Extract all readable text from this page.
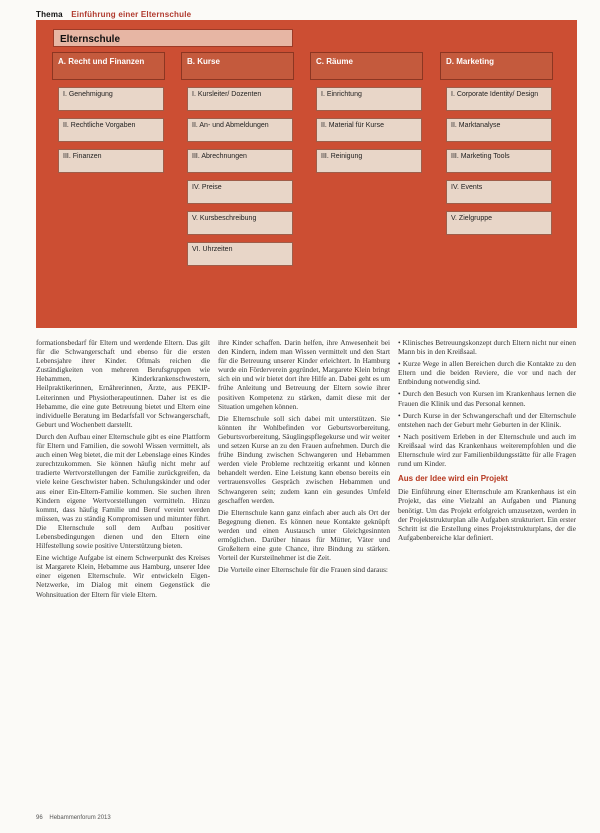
Thema Einführung einer Elternschule
Elternschule
A. Recht und Finanzen
I. Genehmigung
II. Rechtliche Vorgaben
III. Finanzen
B. Kurse
I. Kursleiter/ Dozenten
II. An- und Abmeldungen
III. Abrechnungen
IV. Preise
V. Kursbeschreibung
VI. Uhrzeiten
C. Räume
I. Einrichtung
II. Material für Kurse
III. Reinigung
D. Marketing
I. Corporate Identity/ Design
II. Marktanalyse
III. Marketing Tools
IV. Events
V. Zielgruppe

formationsbedarf für Eltern und werdende Eltern. Das gilt für die Schwangerschaft und ebenso für die ersten Lebensjahre ihrer Kinder. Oftmals reichen die Zuständigkeiten von mehreren Berufsgruppen wie Hebammen, Kinderkrankenschwestern, Heilpraktikerinnen, Ernährerinnen, Ärzte, aus PEKIP-Leiterinnen und Physiotherapeutinnen. Daher ist es die Hebamme, die eine gute Betreuung bietet und Eltern eine individuelle Beratung im Bedarfsfall vor Schwangerschaft, Geburt und Wochenbett darstellt.

Durch den Aufbau einer Elternschule gibt es eine Plattform für Eltern und Familien, die sowohl Wissen vermittelt, als auch einen Weg bietet, die mit der Lebenslage eines Kindes zurechtzukommen. Sie können häufig nicht mehr auf tradierte Wertvorstellungen der Familie zurückgreifen, da viele keine Geschwister haben. Schulungskinder und oder aus einer Ein-Eltern-Familie kommen. Sie suchen ihren Kindern eigene Wertvorstellungen vermitteln. Hinzu kommt, dass häufig Familie und Beruf vereint werden müssen, was zu ständig Kompromissen und mitunter führt. Die Elternschule soll dem Aufbau positiver Lebensbedingungen dienen und den Eltern eine Hilfestellung sowie positive Unterstützung bieten.

Eine wichtige Aufgabe ist einem Schwerpunkt des Kreises ist Margarete Klein, Hebamme aus Hamburg, unserer Idee einer eigenen Elternschule. Wir entwickeln Eigen-Netzwerke, im Dialog mit einem Gegenstück die Wohnsituation der Eltern für viele Eltern.

ihre Kinder schaffen. Darin helfen, ihre Anwesenheit bei den Kindern, indem man Wissen vermittelt und den Start für die Betreuung unserer Kinder erleichtert. In Hamburg wurde ein Förderverein gegründet, Margarete Klein bringt sich ein und wir bietet dort ihre Hilfe an. Dabei geht es um frühe Anleitung und Betreuung der Eltern sowie ihrer positiven Kompetenz zu stärken, damit diese mit der Situation umgehen können.

Die Elternschule soll sich dabei mit unterstützen. Sie könnten ihr Wohlbefinden vor Geburtsvorbereitung, Geburtsvorbereitung, Säuglingspflegekurse und wir weiter und setzen Kurse an zu den Frauen aufnehmen. Durch die frühe Bindung zwischen Schwangeren und Hebammen werden viele Probleme rechtzeitig erkannt und können behandelt werden. Eine Leistung kann ebenso bereits ein vertrauensvolles Gespräch zwischen Hebammen und Schwangeren sein; zudem kann ein gesundes Umfeld geschaffen werden.

Die Elternschule kann ganz einfach aber auch als Ort der Begegnung dienen. Es können neue Kontakte geknüpft werden und einen Austausch unter Gleichgesinnten ermöglichen. Darüber hinaus für Mütter, Väter und Großeltern eine gute Chance, ihre Bindung zu stärken. Vorteil der Kursteilnehmer ist die Zeit.

Die Vorteile einer Elternschule für die Frauen sind daraus:

• Klinisches Betreuungskonzept durch Eltern nicht nur einen Mann bis in den Kreißsaal.

• Kurze Wege in allen Bereichen durch die Kontakte zu den Eltern und die beiden Reviere, die vor und nach der Entbindung notwendig sind.

• Durch den Besuch von Kursen im Krankenhaus lernen die Frauen die Klinik und das Personal kennen.

• Durch Kurse in der Schwangerschaft und der Elternschule entstehen nach der Geburt mehr Geburten in der Klinik.

• Nach positivem Erleben in der Elternschule und auch im Kreißsaal wird das Krankenhaus weiterempfohlen und die Elternschule wird zur Familienbildungsstätte für alle Fragen rund um Kinder.

Aus der Idee wird ein Projekt

Die Einführung einer Elternschule am Krankenhaus ist ein Projekt, das eine Vielzahl an Aufgaben und Planung benötigt. Um das Projekt erfolgreich umzusetzen, werden in der Projektstrukturplan alle Aufgaben strukturiert. Ein erster Schritt ist die Erstellung eines Projektstrukturplans, der die Aufgabenbereiche klar definiert.

96 Hebammenforum 2013
